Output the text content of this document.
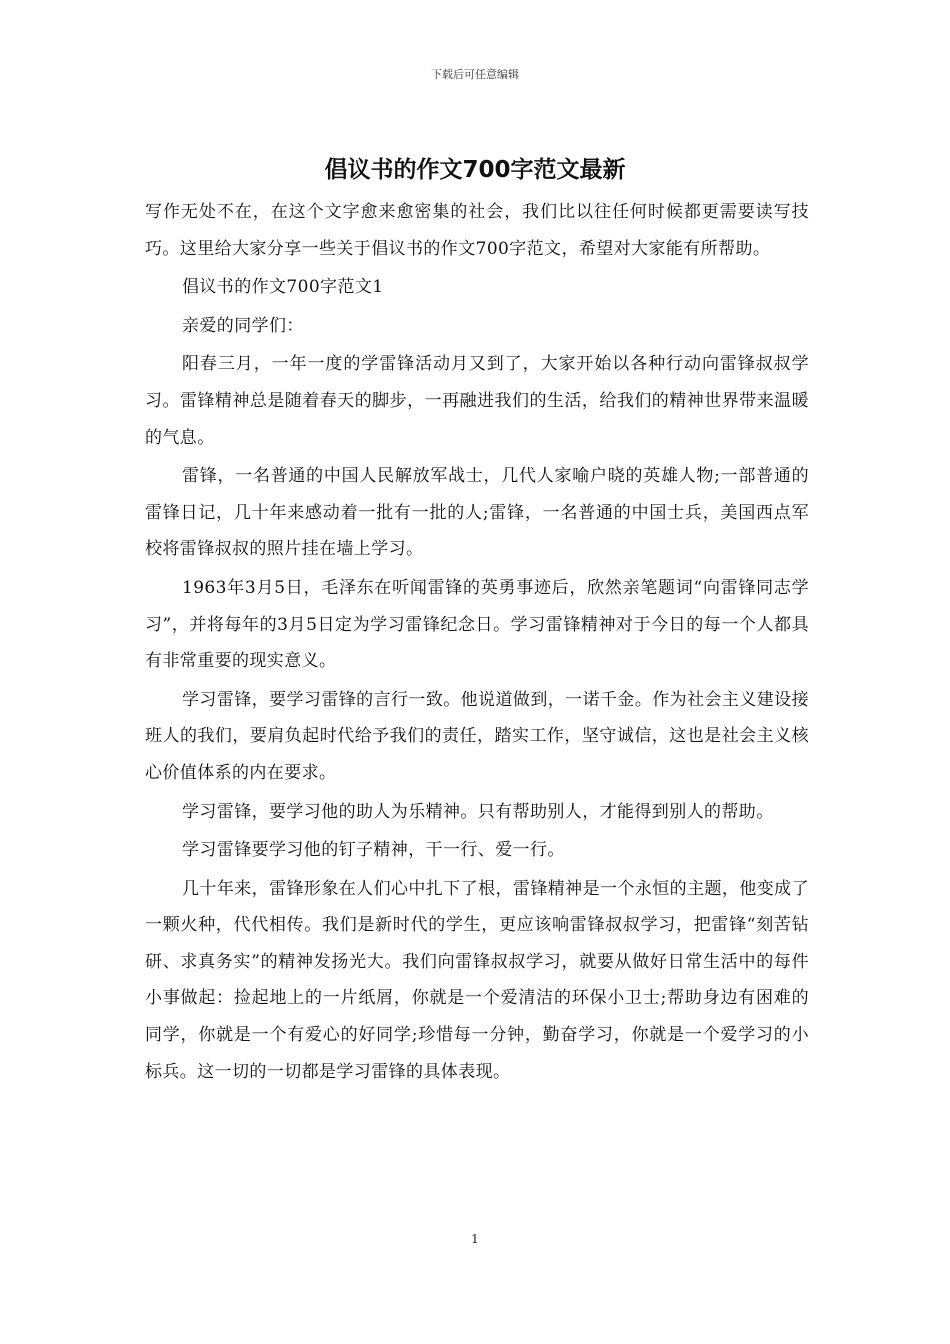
下载后可任意编辑
倡议书的作文700字范文最新

写作无处不在，在这个文字愈来愈密集的社会，我们比以往任何时候都更需要读写技巧。这里给大家分享一些关于倡议书的作文700字范文，希望对大家能有所帮助。

倡议书的作文700字范文1

亲爱的同学们：

阳春三月，一年一度的学雷锋活动月又到了，大家开始以各种行动向雷锋叔叔学习。雷锋精神总是随着春天的脚步，一再融进我们的生活，给我们的精神世界带来温暖的气息。

雷锋，一名普通的中国人民解放军战士，几代人家喻户晓的英雄人物;一部普通的雷锋日记，几十年来感动着一批有一批的人;雷锋，一名普通的中国士兵，美国西点军校将雷锋叔叔的照片挂在墙上学习。

1963年3月5日，毛泽东在听闻雷锋的英勇事迹后，欣然亲笔题词“向雷锋同志学习”，并将每年的3月5日定为学习雷锋纪念日。学习雷锋精神对于今日的每一个人都具有非常重要的现实意义。

学习雷锋，要学习雷锋的言行一致。他说道做到，一诺千金。作为社会主义建设接班人的我们，要肩负起时代给予我们的责任，踏实工作，坚守诚信，这也是社会主义核心价值体系的内在要求。

学习雷锋，要学习他的助人为乐精神。只有帮助别人，才能得到别人的帮助。

学习雷锋要学习他的钉子精神，干一行、爱一行。

几十年来，雷锋形象在人们心中扎下了根，雷锋精神是一个永恒的主题，他变成了一颗火种，代代相传。我们是新时代的学生，更应该响雷锋叔叔学习，把雷锋“刻苦钻研、求真务实”的精神发扬光大。我们向雷锋叔叔学习，就要从做好日常生活中的每件小事做起：捡起地上的一片纸屑，你就是一个爱清洁的环保小卫士;帮助身边有困难的同学，你就是一个有爱心的好同学;珍惜每一分钟，勤奋学习，你就是一个爱学习的小标兵。这一切的一切都是学习雷锋的具体表现。

1
